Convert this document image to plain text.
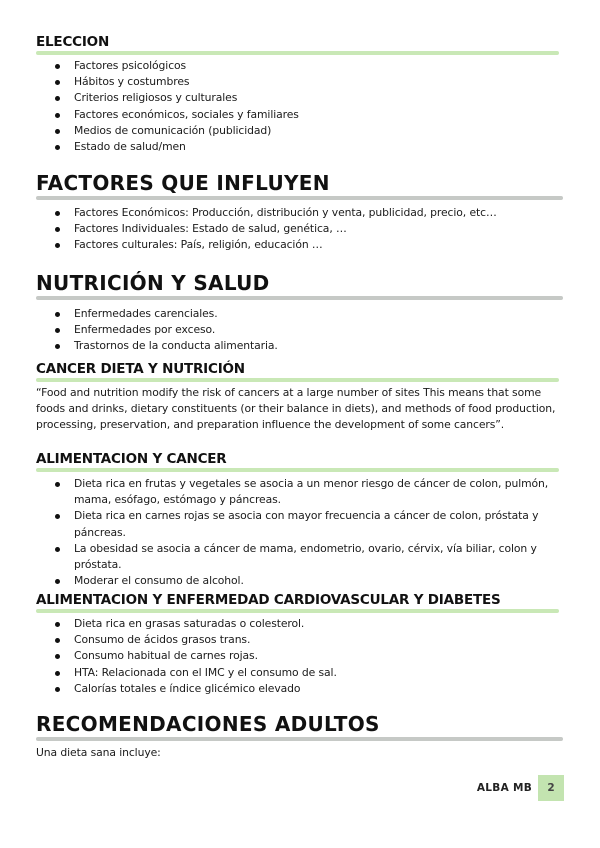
ELECCION
Factores psicológicos
Hábitos y costumbres
Criterios religiosos y culturales
Factores económicos, sociales y familiares
Medios de comunicación (publicidad)
Estado de salud/men
FACTORES QUE INFLUYEN
Factores Económicos: Producción, distribución y venta, publicidad, precio, etc…
Factores Individuales: Estado de salud, genética, …
Factores culturales: País, religión, educación …
NUTRICIÓN Y SALUD
Enfermedades carenciales.
Enfermedades por exceso.
Trastornos de la conducta alimentaria.
CANCER DIETA Y NUTRICIÓN

“Food and nutrition modify the risk of cancers at a large number of sites This means that some foods and drinks, dietary constituents (or their balance in diets), and methods of food production, processing, preservation, and preparation influence the development of some cancers”.

ALIMENTACION Y CANCER
Dieta rica en frutas y vegetales se asocia a un menor riesgo de cáncer de colon, pulmón, mama, esófago, estómago y páncreas.
Dieta rica en carnes rojas se asocia con mayor frecuencia a cáncer de colon, próstata y páncreas.
La obesidad se asocia a cáncer de mama, endometrio, ovario, cérvix, vía biliar, colon y próstata.
Moderar el consumo de alcohol.
ALIMENTACION Y ENFERMEDAD CARDIOVASCULAR Y DIABETES
Dieta rica en grasas saturadas o colesterol.
Consumo de ácidos grasos trans.
Consumo habitual de carnes rojas.
HTA: Relacionada con el IMC y el consumo de sal.
Calorías totales e índice glicémico elevado
RECOMENDACIONES ADULTOS

Una dieta sana incluye:

ALBA MB	2
